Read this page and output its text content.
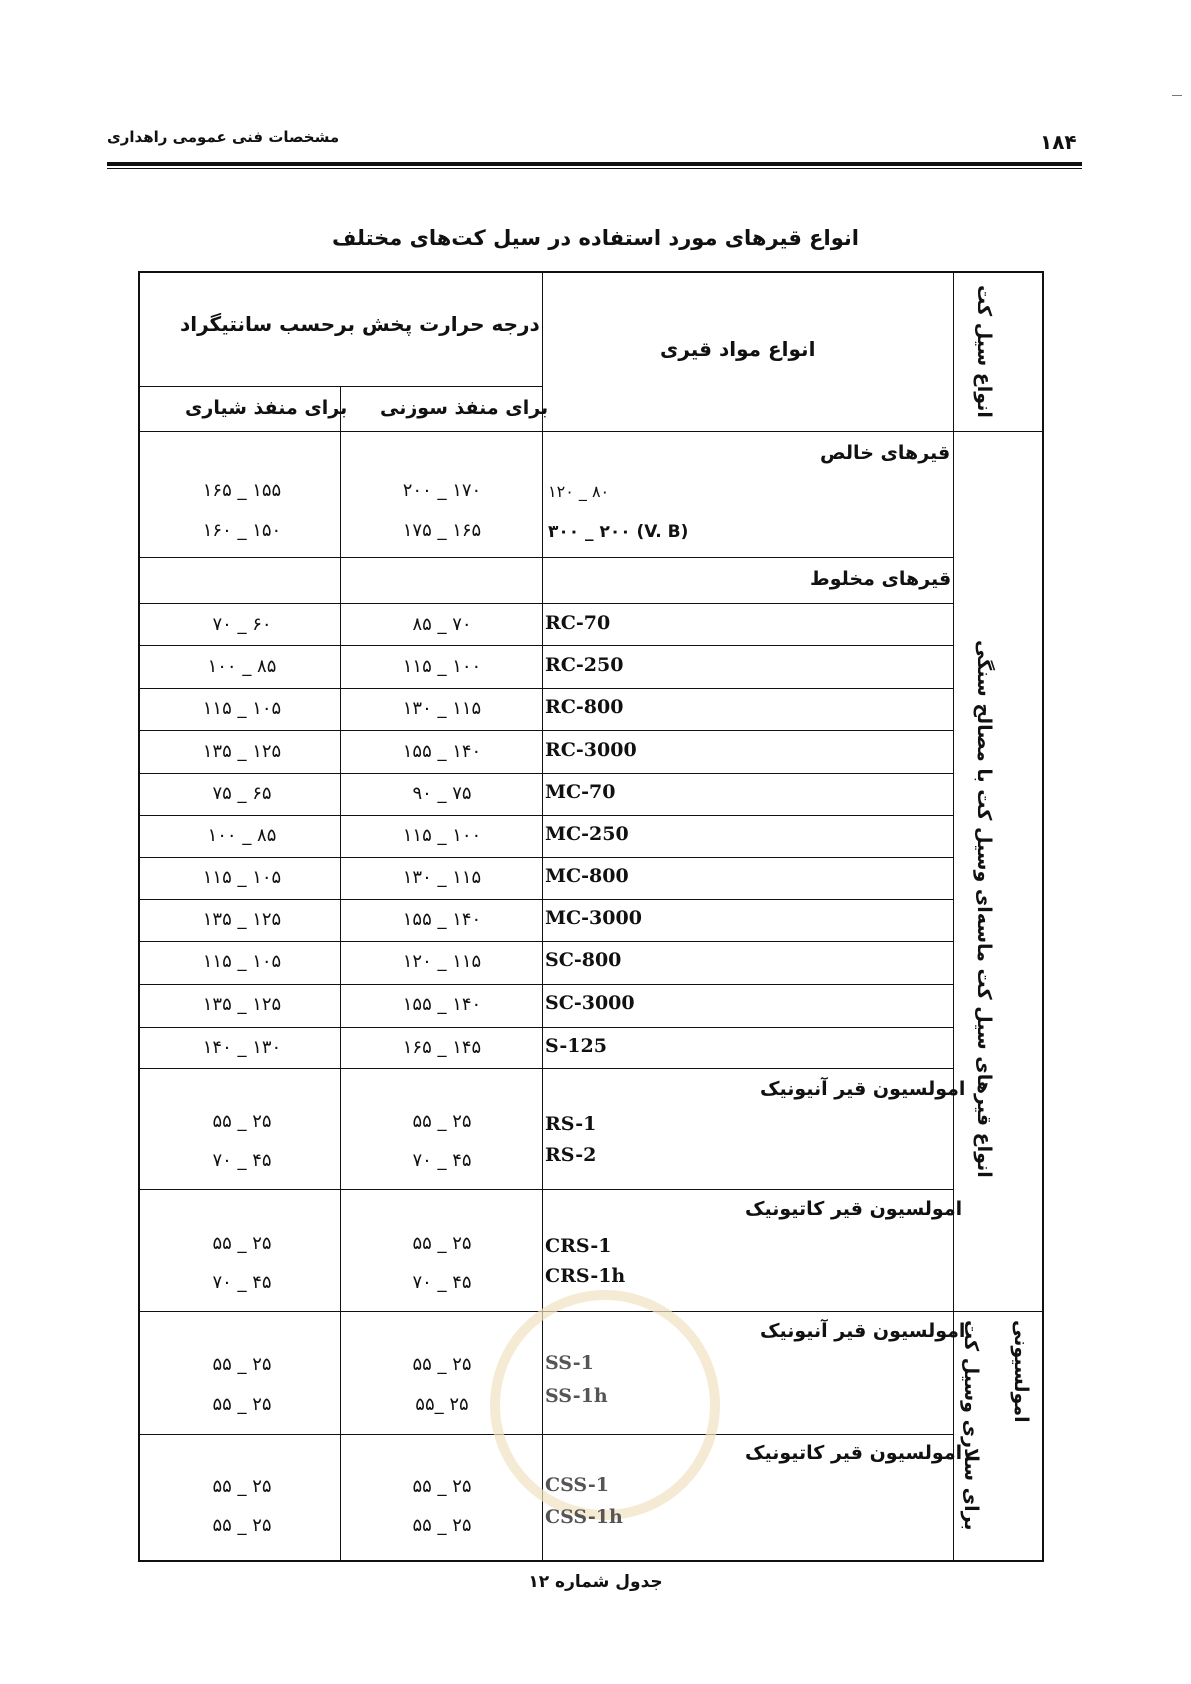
مشخصات فنی عمومی راهداری	۱۸۴
انواع قیرهای مورد استفاده در سیل کت‌های مختلف
انواع سیل کت
انواع مواد قیری
درجه حرارت پخش برحسب سانتیگراد
برای منفذ سوزنی
برای منفذ شیاری
انواع قیرهای سیل کت ماسه‌ای وسیل کت با مصالح سنگی
برای سلاری وسیل کت امولسیونی
قیرهای خالص
۸۰ _ ۱۲۰
۲۰۰ _ ۱۷۰
۱۶۵ _ ۱۵۵
(V. B) ۳۰۰ _ ۲۰۰
۱۷۵ _ ۱۶۵
۱۶۰ _ ۱۵۰
قیرهای مخلوط
RC-70
۸۵ _ ۷۰
۷۰ _ ۶۰
RC-250
۱۱۵ _ ۱۰۰
۱۰۰ _ ۸۵
RC-800
۱۳۰ _ ۱۱۵
۱۱۵ _ ۱۰۵
RC-3000
۱۵۵ _ ۱۴۰
۱۳۵ _ ۱۲۵
MC-70
۹۰ _ ۷۵
۷۵ _ ۶۵
MC-250
۱۱۵ _ ۱۰۰
۱۰۰ _ ۸۵
MC-800
۱۳۰ _ ۱۱۵
۱۱۵ _ ۱۰۵
MC-3000
۱۵۵ _ ۱۴۰
۱۳۵ _ ۱۲۵
SC-800
۱۲۰ _ ۱۱۵
۱۱۵ _ ۱۰۵
SC-3000
۱۵۵ _ ۱۴۰
۱۳۵ _ ۱۲۵
S-125
۱۶۵ _ ۱۴۵
۱۴۰ _ ۱۳۰
امولسیون قیر آنیونیک
RS-1
۵۵ _ ۲۵
۵۵ _ ۲۵
RS-2
۷۰ _ ۴۵
۷۰ _ ۴۵
امولسیون قیر کاتیونیک
CRS-1
۵۵ _ ۲۵
۵۵ _ ۲۵
CRS-1h
۷۰ _ ۴۵
۷۰ _ ۴۵
امولسیون قیر آنیونیک
SS-1
۵۵ _ ۲۵
۵۵ _ ۲۵
SS-1h
۵۵_ ۲۵
۵۵ _ ۲۵
امولسیون قیر کاتیونیک
CSS-1
۵۵ _ ۲۵
۵۵ _ ۲۵
CSS-1h
۵۵ _ ۲۵
۵۵ _ ۲۵
جدول شماره ۱۲
